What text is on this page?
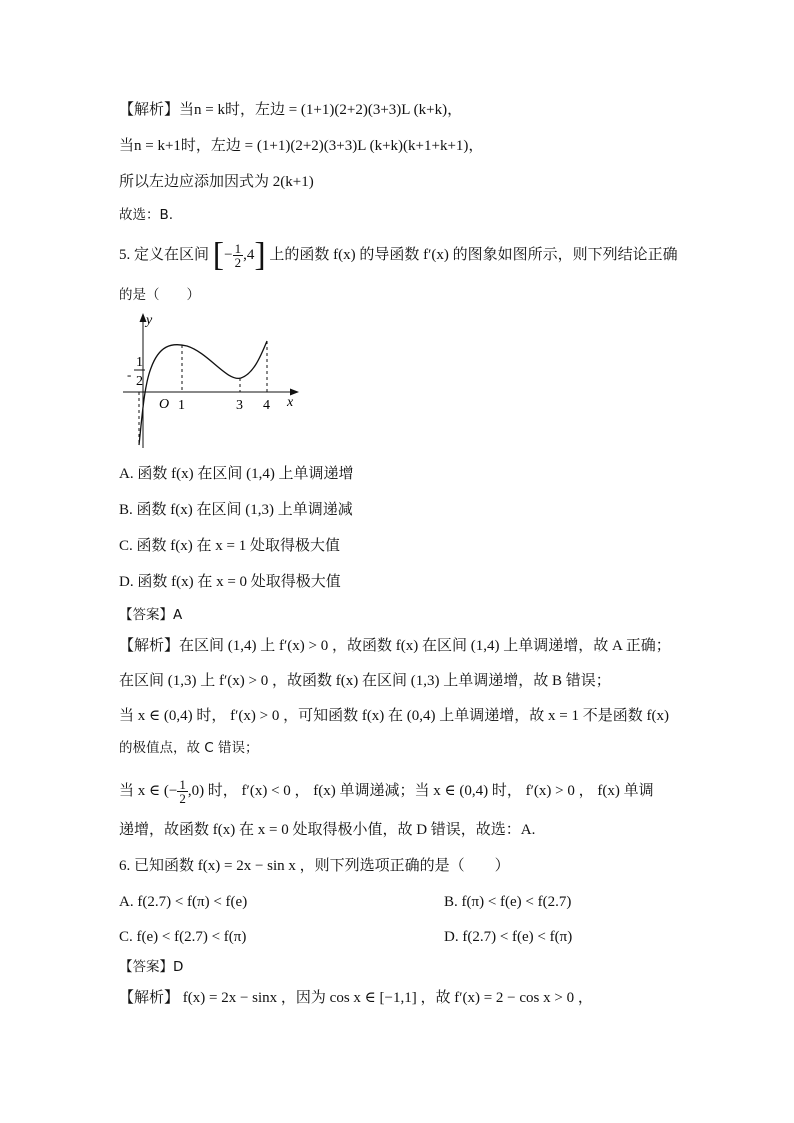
【解析】当n = k时，左边 = (1+1)(2+2)(3+3)L (k+k)，
当n = k+1时，左边 = (1+1)(2+2)(3+3)L (k+k)(k+1+k+1)，
所以左边应添加因式为 2(k+1)
故选：B.
5. 定义在区间 [− $\frac{1}{2} ,4$] 上的函数 f(x) 的导函数 f′(x) 的图象如图所示，则下列结论正确
的是（　　）
y
x
O
-
1
2
1	3 4
A. 函数 f(x) 在区间 (1,4) 上单调递增
B. 函数 f(x) 在区间 (1,3) 上单调递减
C. 函数 f(x) 在 x = 1 处取得极大值
D. 函数 f(x) 在 x = 0 处取得极大值
【答案】A
【解析】在区间 (1,4) 上 f′(x) > 0 ，故函数 f(x) 在区间 (1,4) 上单调递增，故 A 正确；
在区间 (1,3) 上 f′(x) > 0 ，故函数 f(x) 在区间 (1,3) 上单调递增，故 B 错误；
当 x ∈ (0,4) 时， f′(x) > 0 ，可知函数 f(x) 在 (0,4) 上单调递增，故 x = 1 不是函数 f(x)
的极值点，故 C 错误；
当 x ∈ (− $\frac{1}{2} ,0$) 时， f′(x) < 0 ， f(x) 单调递减；当 x ∈ (0,4) 时， f′(x) > 0 ， f(x) 单调
递增，故函数 f(x) 在 x = 0 处取得极小值，故 D 错误，故选：A.
6. 已知函数 f(x) = 2x − sin x ，则下列选项正确的是（　　）
A. f(2.7) < f(π) < f(e)	B. f(π) < f(e) < f(2.7)
C. f(e) < f(2.7) < f(π)	D. f(2.7) < f(e) < f(π)
【答案】D
【解析】 f(x) = 2x − sinx ，因为 cos x ∈ [−1,1] ，故 f′(x) = 2 − cos x > 0 ，
